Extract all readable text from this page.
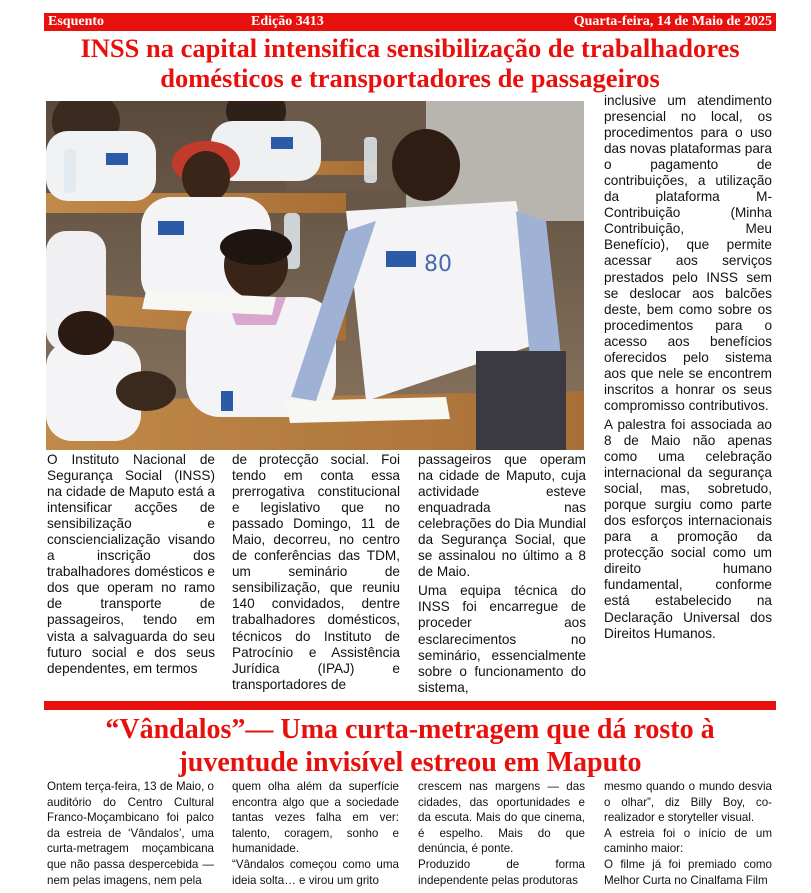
Esquento	Edição 3413	Quarta-feira, 14 de Maio de 2025
INSS na capital intensifica sensibilização de trabalhadores domésticos e transportadores de passageiros
80

O Instituto Nacional de Segurança Social (INSS) na cidade de Maputo está a intensificar acções de sensibilização e consciencialização visando a inscrição dos trabalhadores domésticos e dos que operam no ramo de transporte de passageiros, tendo em vista a salvaguarda do seu futuro social e dos seus dependentes, em termos

de protecção social. Foi tendo em conta essa prerrogativa constitucional e legislativo que no passado Domingo, 11 de Maio, decorreu, no centro de conferências das TDM, um seminário de sensibilização, que reuniu 140 convidados, dentre trabalhadores domésticos, técnicos do Instituto de Patrocínio e Assistência Jurídica (IPAJ) e transportadores de

passageiros que operam na cidade de Maputo, cuja actividade esteve enquadrada nas celebrações do Dia Mundial da Segurança Social, que se assinalou no último a 8 de Maio.

Uma equipa técnica do INSS foi encarregue de proceder aos esclarecimentos no seminário, essencialmente sobre o funcionamento do sistema,

inclusive um atendimento presencial no local, os procedimentos para o uso das novas plataformas para o pagamento de contribuições, a utilização da plataforma M-Contribuição (Minha Contribuição, Meu Benefício), que permite acessar aos serviços prestados pelo INSS sem se deslocar aos balcões deste, bem como sobre os procedimentos para o acesso aos benefícios oferecidos pelo sistema aos que nele se encontrem inscritos a honrar os seus compromisso contributivos.

A palestra foi associada ao 8 de Maio não apenas como uma celebração internacional da segurança social, mas, sobretudo, porque surgiu como parte dos esforços internacionais para a promoção da protecção social como um direito humano fundamental, conforme está estabelecido na Declaração Universal dos Direitos Humanos.

“Vândalos”— Uma curta-metragem que dá rosto à juventude invisível estreou em Maputo

Ontem terça-feira, 13 de Maio, o auditório do Centro Cultural Franco-Moçambicano foi palco da estreia de ‘Vândalos’, uma curta-metragem moçambicana que não passa despercebida — nem pelas imagens, nem pela

quem olha além da superfície encontra algo que a sociedade tantas vezes falha em ver: talento, coragem, sonho e humanidade.

“Vândalos começou como uma ideia solta… e virou um grito

crescem nas margens — das cidades, das oportunidades e da escuta. Mais do que cinema, é espelho. Mais do que denúncia, é ponte.

Produzido de forma independente pelas produtoras

mesmo quando o mundo desvia o olhar”, diz Billy Boy, co-realizador e storyteller visual.

A estreia foi o início de um caminho maior:

O filme já foi premiado como Melhor Curta no Cinalfama Film
